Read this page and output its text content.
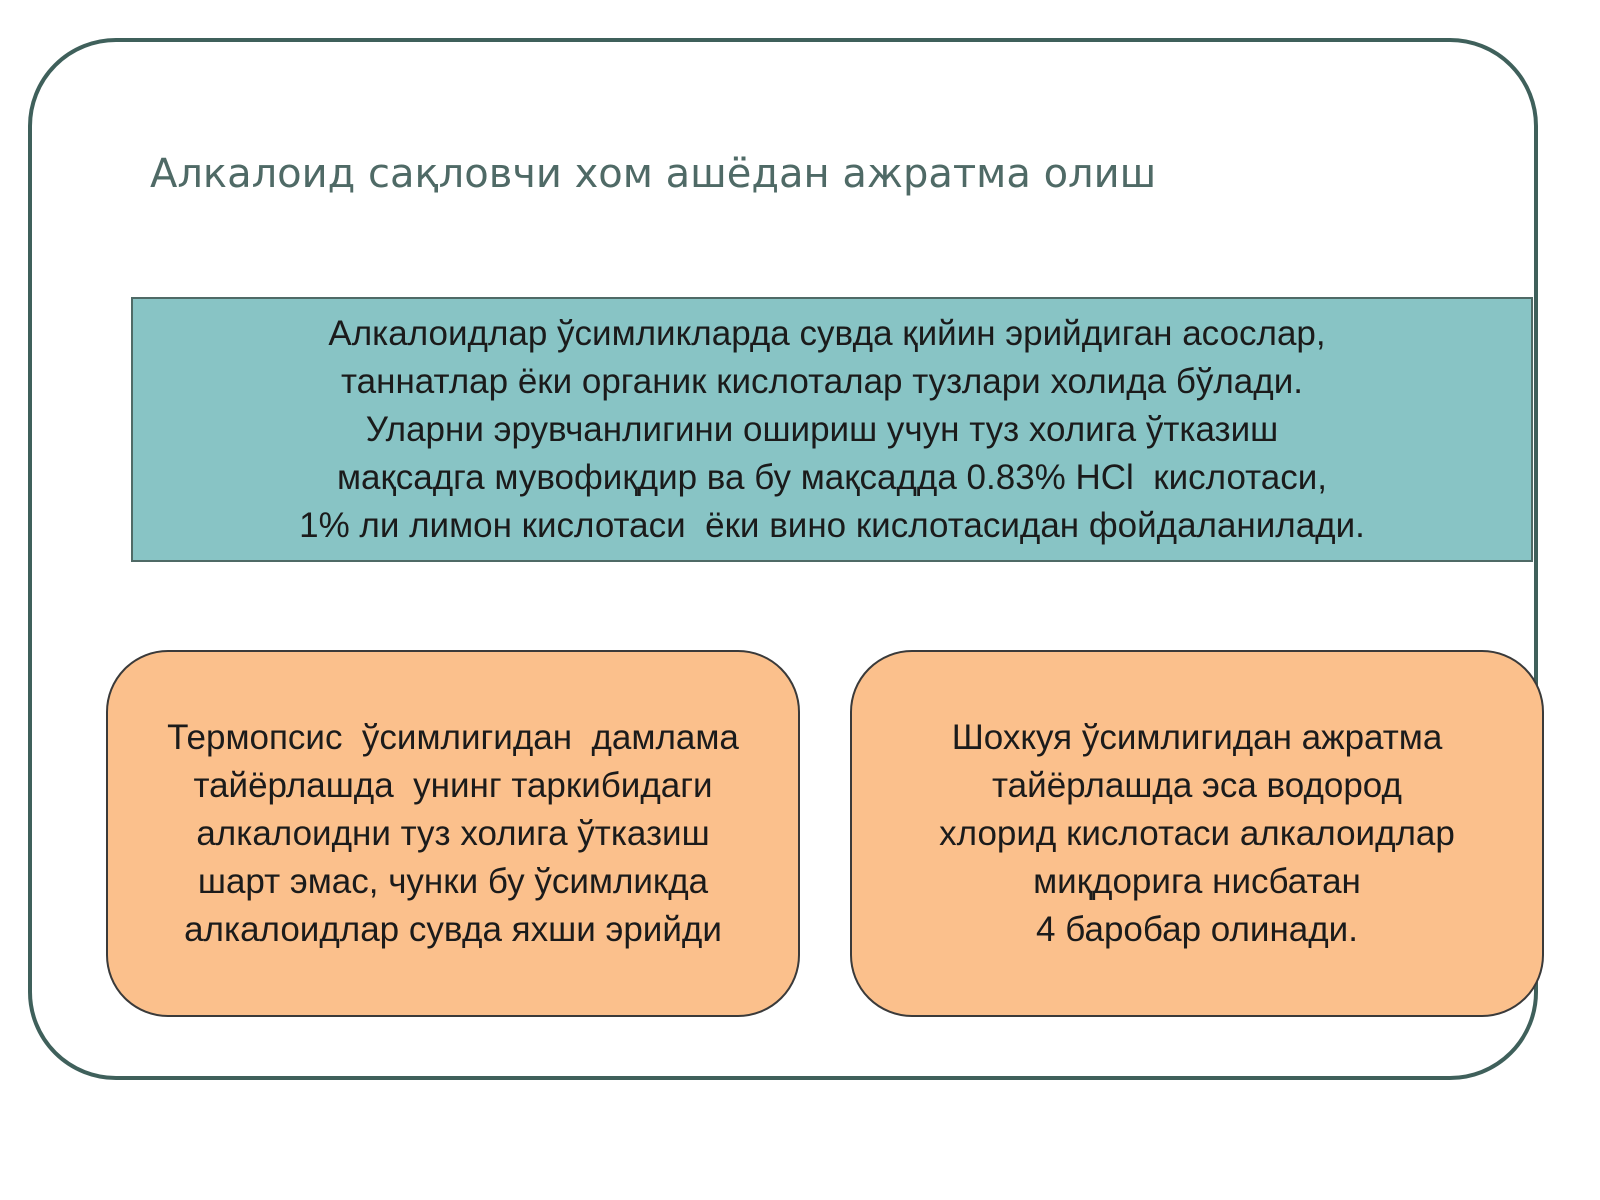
Алкалоид сақловчи хом ашёдан ажратма олиш
Алкалоидлар ўсимликларда сувда қийин эрийдиган асослар,
таннатлар ёки органик кислоталар тузлари холида бўлади.
Уларни эрувчанлигини ошириш учун туз холига ўтказиш
мақсадга мувофиқдир ва бу мақсадда 0.83% HCl  кислотаси,
1% ли лимон кислотаси  ёки вино кислотасидан фойдаланилади.
Термопсис  ўсимлигидан  дамлама
тайёрлашда  унинг таркибидаги
алкалоидни туз холига ўтказиш
шарт эмас, чунки бу ўсимликда
алкалоидлар сувда яхши эрийди
Шохкуя ўсимлигидан ажратма
тайёрлашда эса водород
хлорид кислотаси алкалоидлар
миқдорига нисбатан
4 баробар олинади.
